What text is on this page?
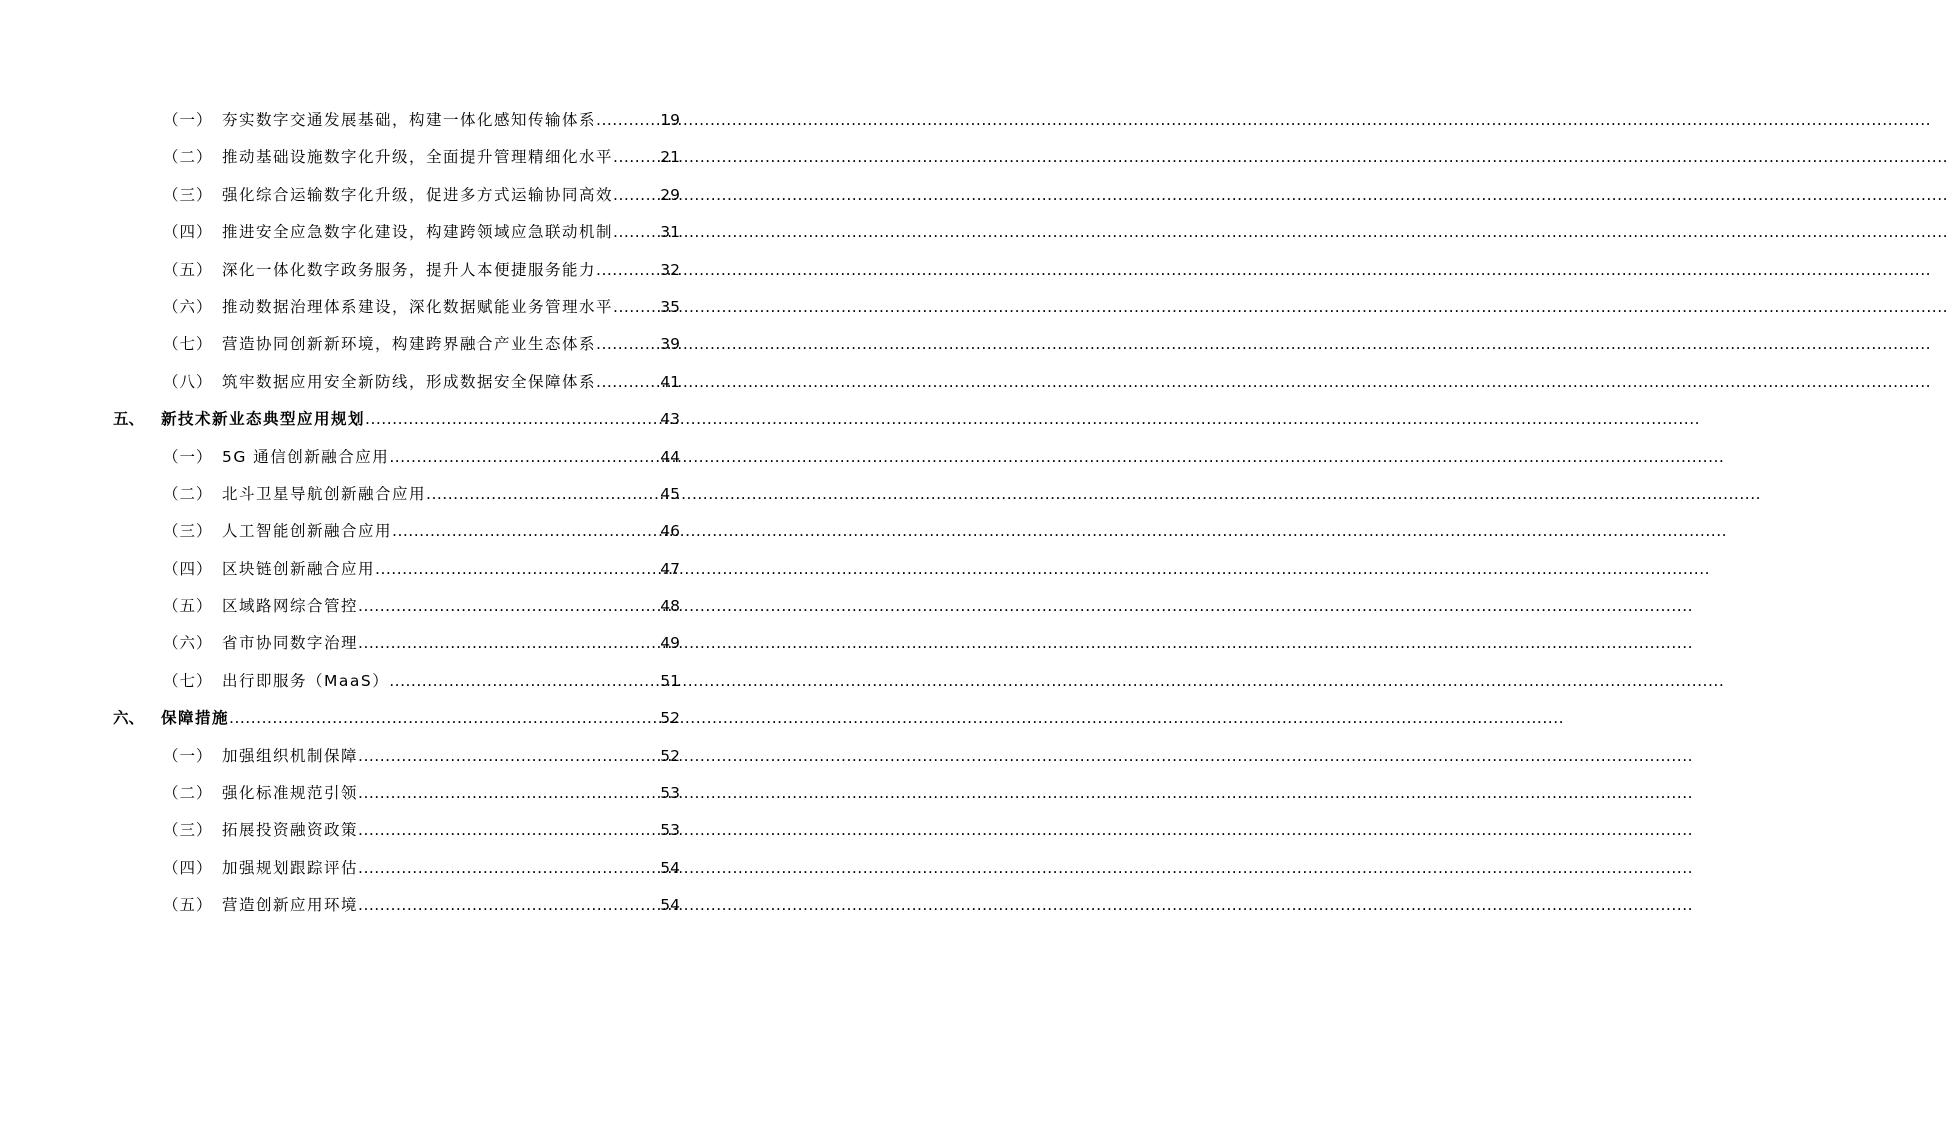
（一） 夯实数字交通发展基础，构建一体化感知传输体系 .....	19
（二） 推动基础设施数字化升级，全面提升管理精细化水平 .....	21
（三） 强化综合运输数字化升级，促进多方式运输协同高效 .....	29
（四） 推进安全应急数字化建设，构建跨领域应急联动机制 .....	31
（五） 深化一体化数字政务服务，提升人本便捷服务能力 .....	32
（六） 推动数据治理体系建设，深化数据赋能业务管理水平 .....	35
（七） 营造协同创新新环境，构建跨界融合产业生态体系 .....	39
（八） 筑牢数据应用安全新防线，形成数据安全保障体系 .....	41
五、 新技术新业态典型应用规划 .....	43
（一） 5G 通信创新融合应用 .....	44
（二） 北斗卫星导航创新融合应用 .....	45
（三） 人工智能创新融合应用 .....	46
（四） 区块链创新融合应用 .....	47
（五） 区域路网综合管控 .....	48
（六） 省市协同数字治理 .....	49
（七） 出行即服务（MaaS） .....	51
六、 保障措施 .....	52
（一） 加强组织机制保障 .....	52
（二） 强化标准规范引领 .....	53
（三） 拓展投资融资政策 .....	53
（四） 加强规划跟踪评估 .....	54
（五） 营造创新应用环境 .....	54
